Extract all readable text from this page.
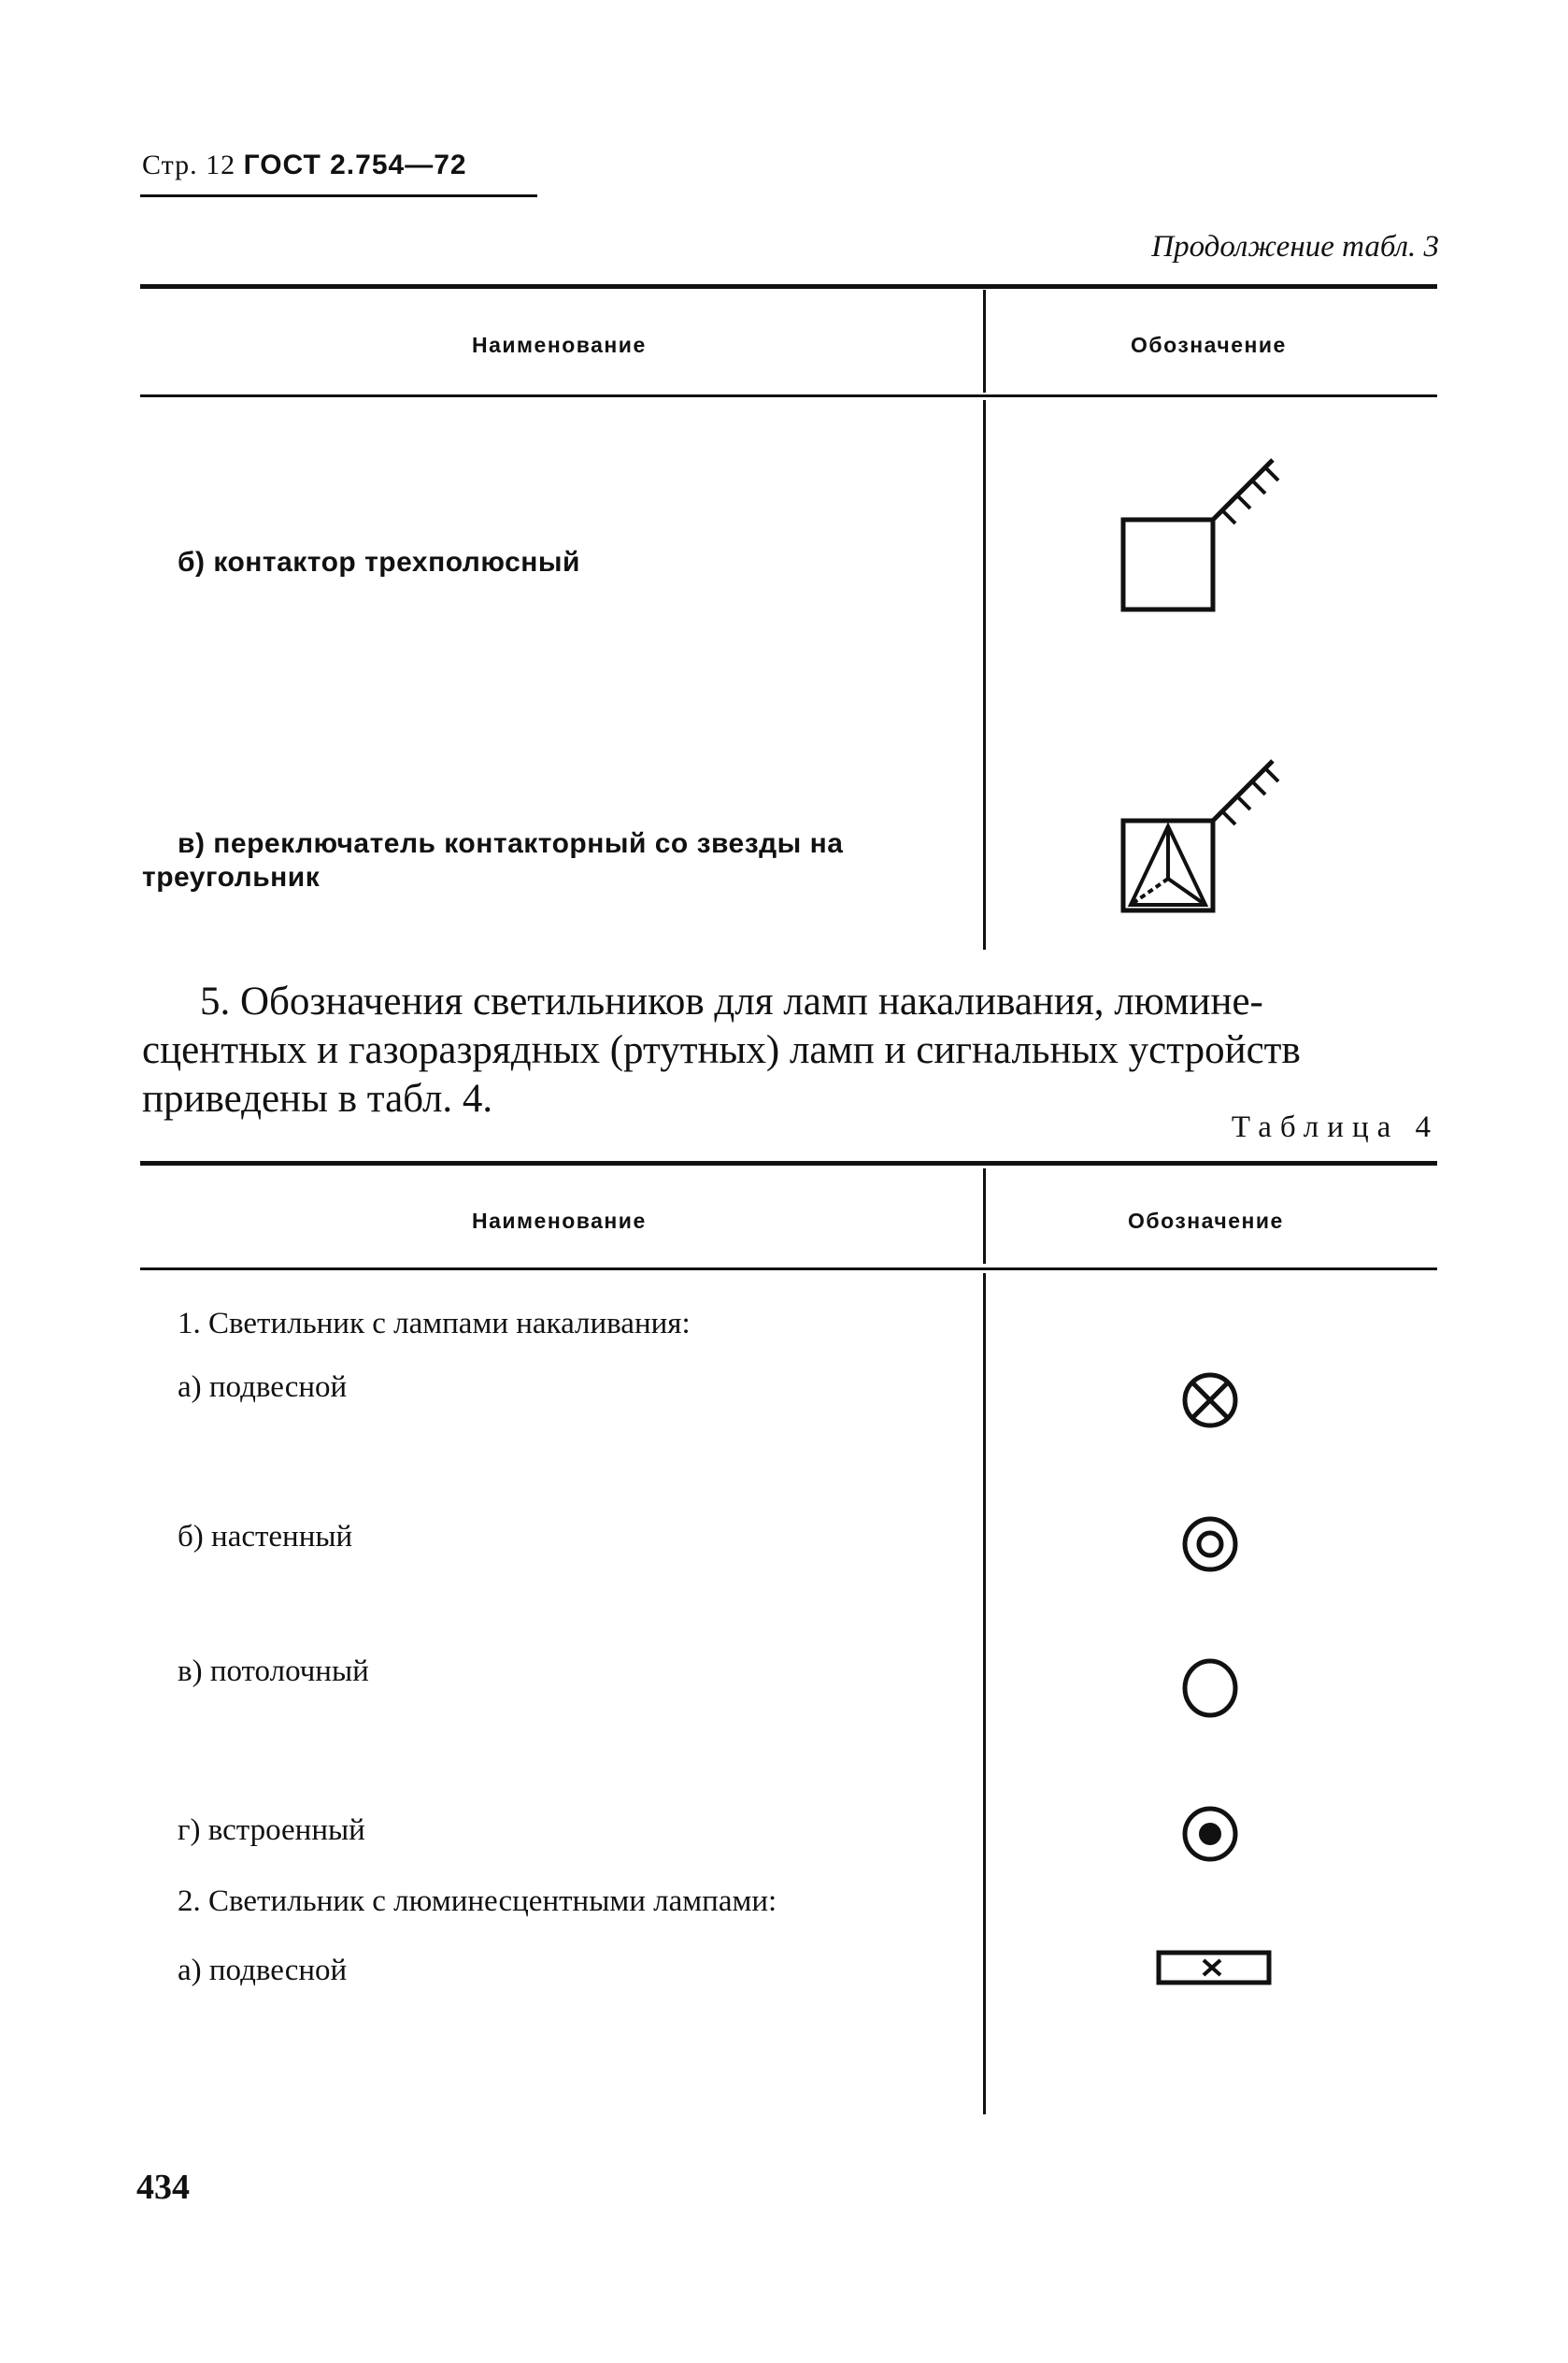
Стр. 12 ГОСТ 2.754—72
Продолжение табл. 3
Наименование	Обозначение
б) контактор трехполюсный
в) переключатель контакторный со звезды на
треугольник
5. Обозначения светильников для ламп накаливания, люмине-
сцентных и газоразрядных (ртутных) ламп и сигнальных устройств
приведены в табл. 4.
Таблица 4
Наименование	Обозначение
1. Светильник с лампами накаливания:
а) подвесной
б) настенный
в) потолочный
г) встроенный
2. Светильник с люминесцентными лампами:
а) подвесной
434
